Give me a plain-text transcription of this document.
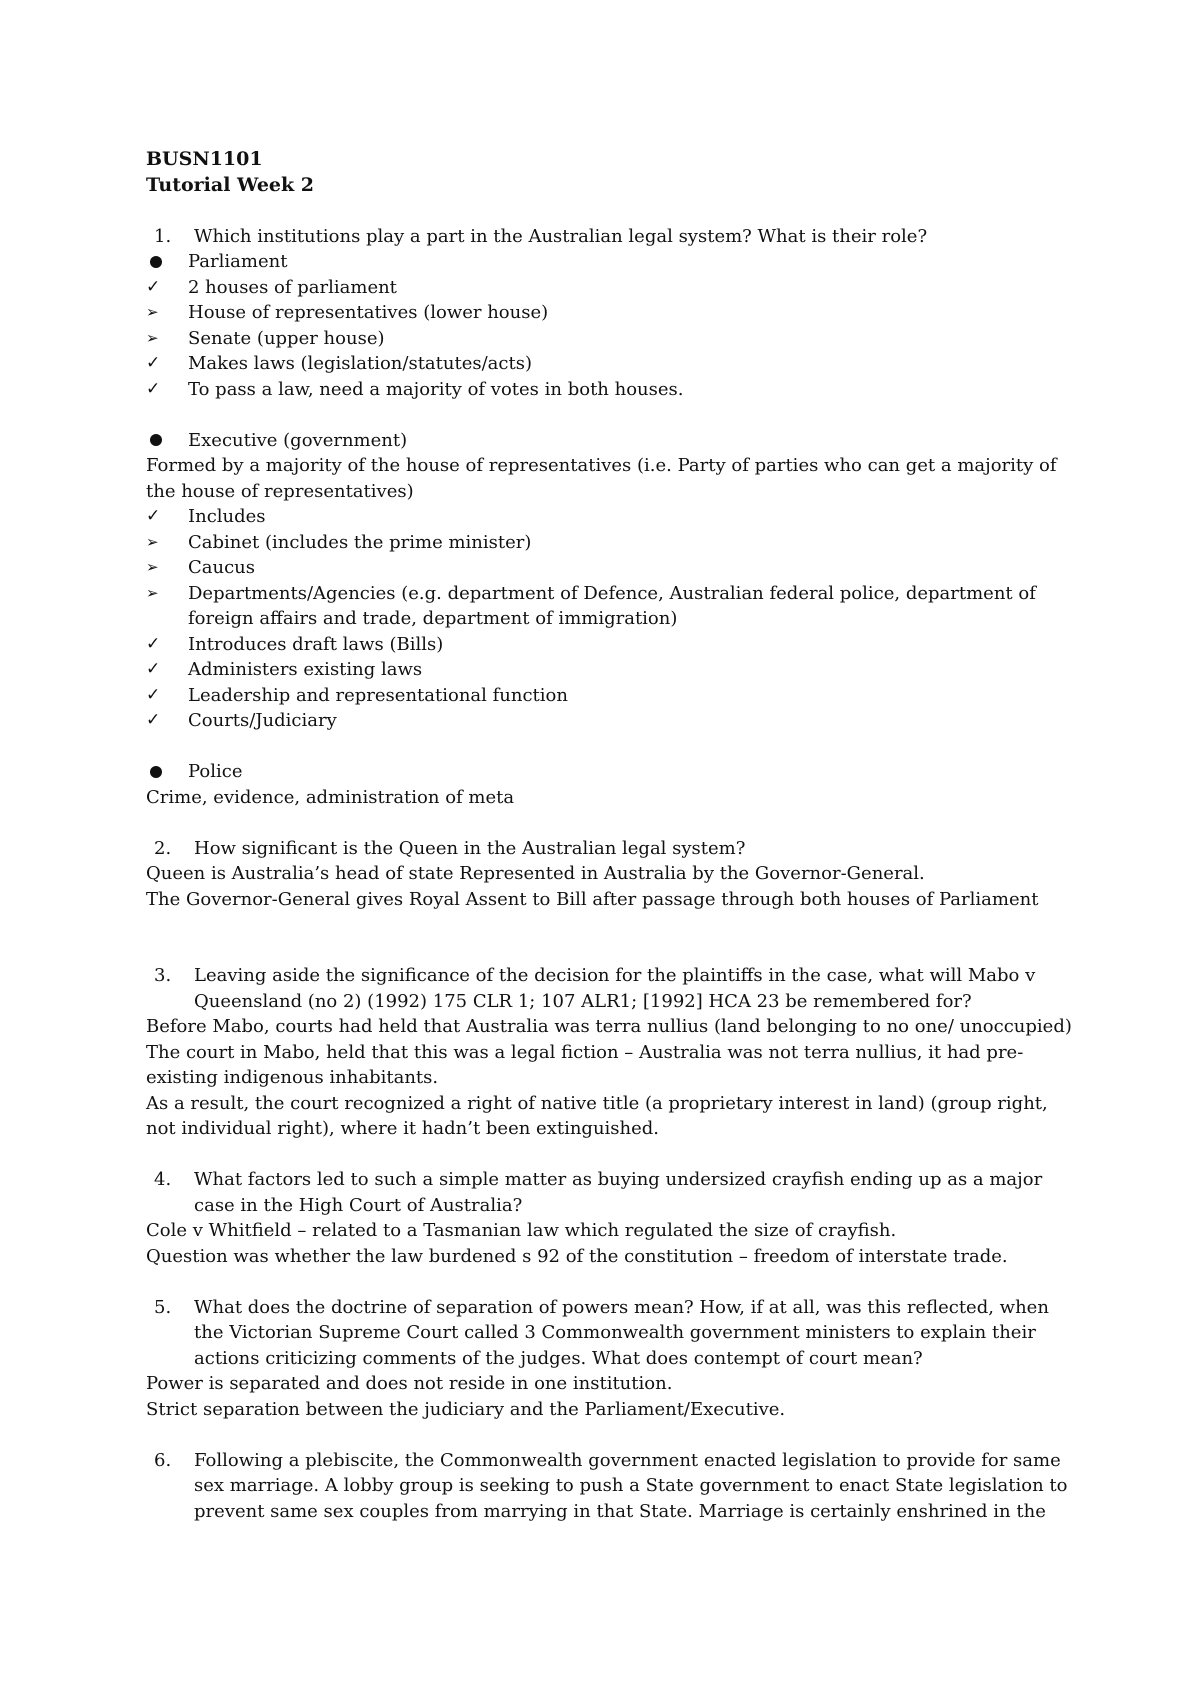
BUSN1101
Tutorial Week 2
1.	Which institutions play a part in the Australian legal system? What is their role?
Parliament
✓	2 houses of parliament
➢	House of representatives (lower house)
➢	Senate (upper house)
✓	Makes laws (legislation/statutes/acts)
✓	To pass a law, need a majority of votes in both houses.
Executive (government)
Formed by a majority of the house of representatives (i.e. Party of parties who can get a majority of the house of representatives)
✓	Includes
➢	Cabinet (includes the prime minister)
➢	Caucus
➢	Departments/Agencies (e.g. department of Defence, Australian federal police, department of foreign affairs and trade, department of immigration)
✓	Introduces draft laws (Bills)
✓	Administers existing laws
✓	Leadership and representational function
✓	Courts/Judiciary
Police
Crime, evidence, administration of meta
2.	How significant is the Queen in the Australian legal system?
Queen is Australia’s head of state Represented in Australia by the Governor-General.
The Governor-General gives Royal Assent to Bill after passage through both houses of Parliament
3.	Leaving aside the significance of the decision for the plaintiffs in the case, what will Mabo v Queensland (no 2) (1992) 175 CLR 1; 107 ALR1; [1992] HCA 23 be remembered for?
Before Mabo, courts had held that Australia was terra nullius (land belonging to no one/ unoccupied)
The court in Mabo, held that this was a legal fiction – Australia was not terra nullius, it had pre-existing indigenous inhabitants.
As a result, the court recognized a right of native title (a proprietary interest in land) (group right, not individual right), where it hadn’t been extinguished.
4.	What factors led to such a simple matter as buying undersized crayfish ending up as a major case in the High Court of Australia?
Cole v Whitfield – related to a Tasmanian law which regulated the size of crayfish.
Question was whether the law burdened s 92 of the constitution – freedom of interstate trade.
5.	What does the doctrine of separation of powers mean? How, if at all, was this reflected, when the Victorian Supreme Court called 3 Commonwealth government ministers to explain their actions criticizing comments of the judges. What does contempt of court mean?
Power is separated and does not reside in one institution.
Strict separation between the judiciary and the Parliament/Executive.
6.	Following a plebiscite, the Commonwealth government enacted legislation to provide for same sex marriage. A lobby group is seeking to push a State government to enact State legislation to prevent same sex couples from marrying in that State. Marriage is certainly enshrined in the
